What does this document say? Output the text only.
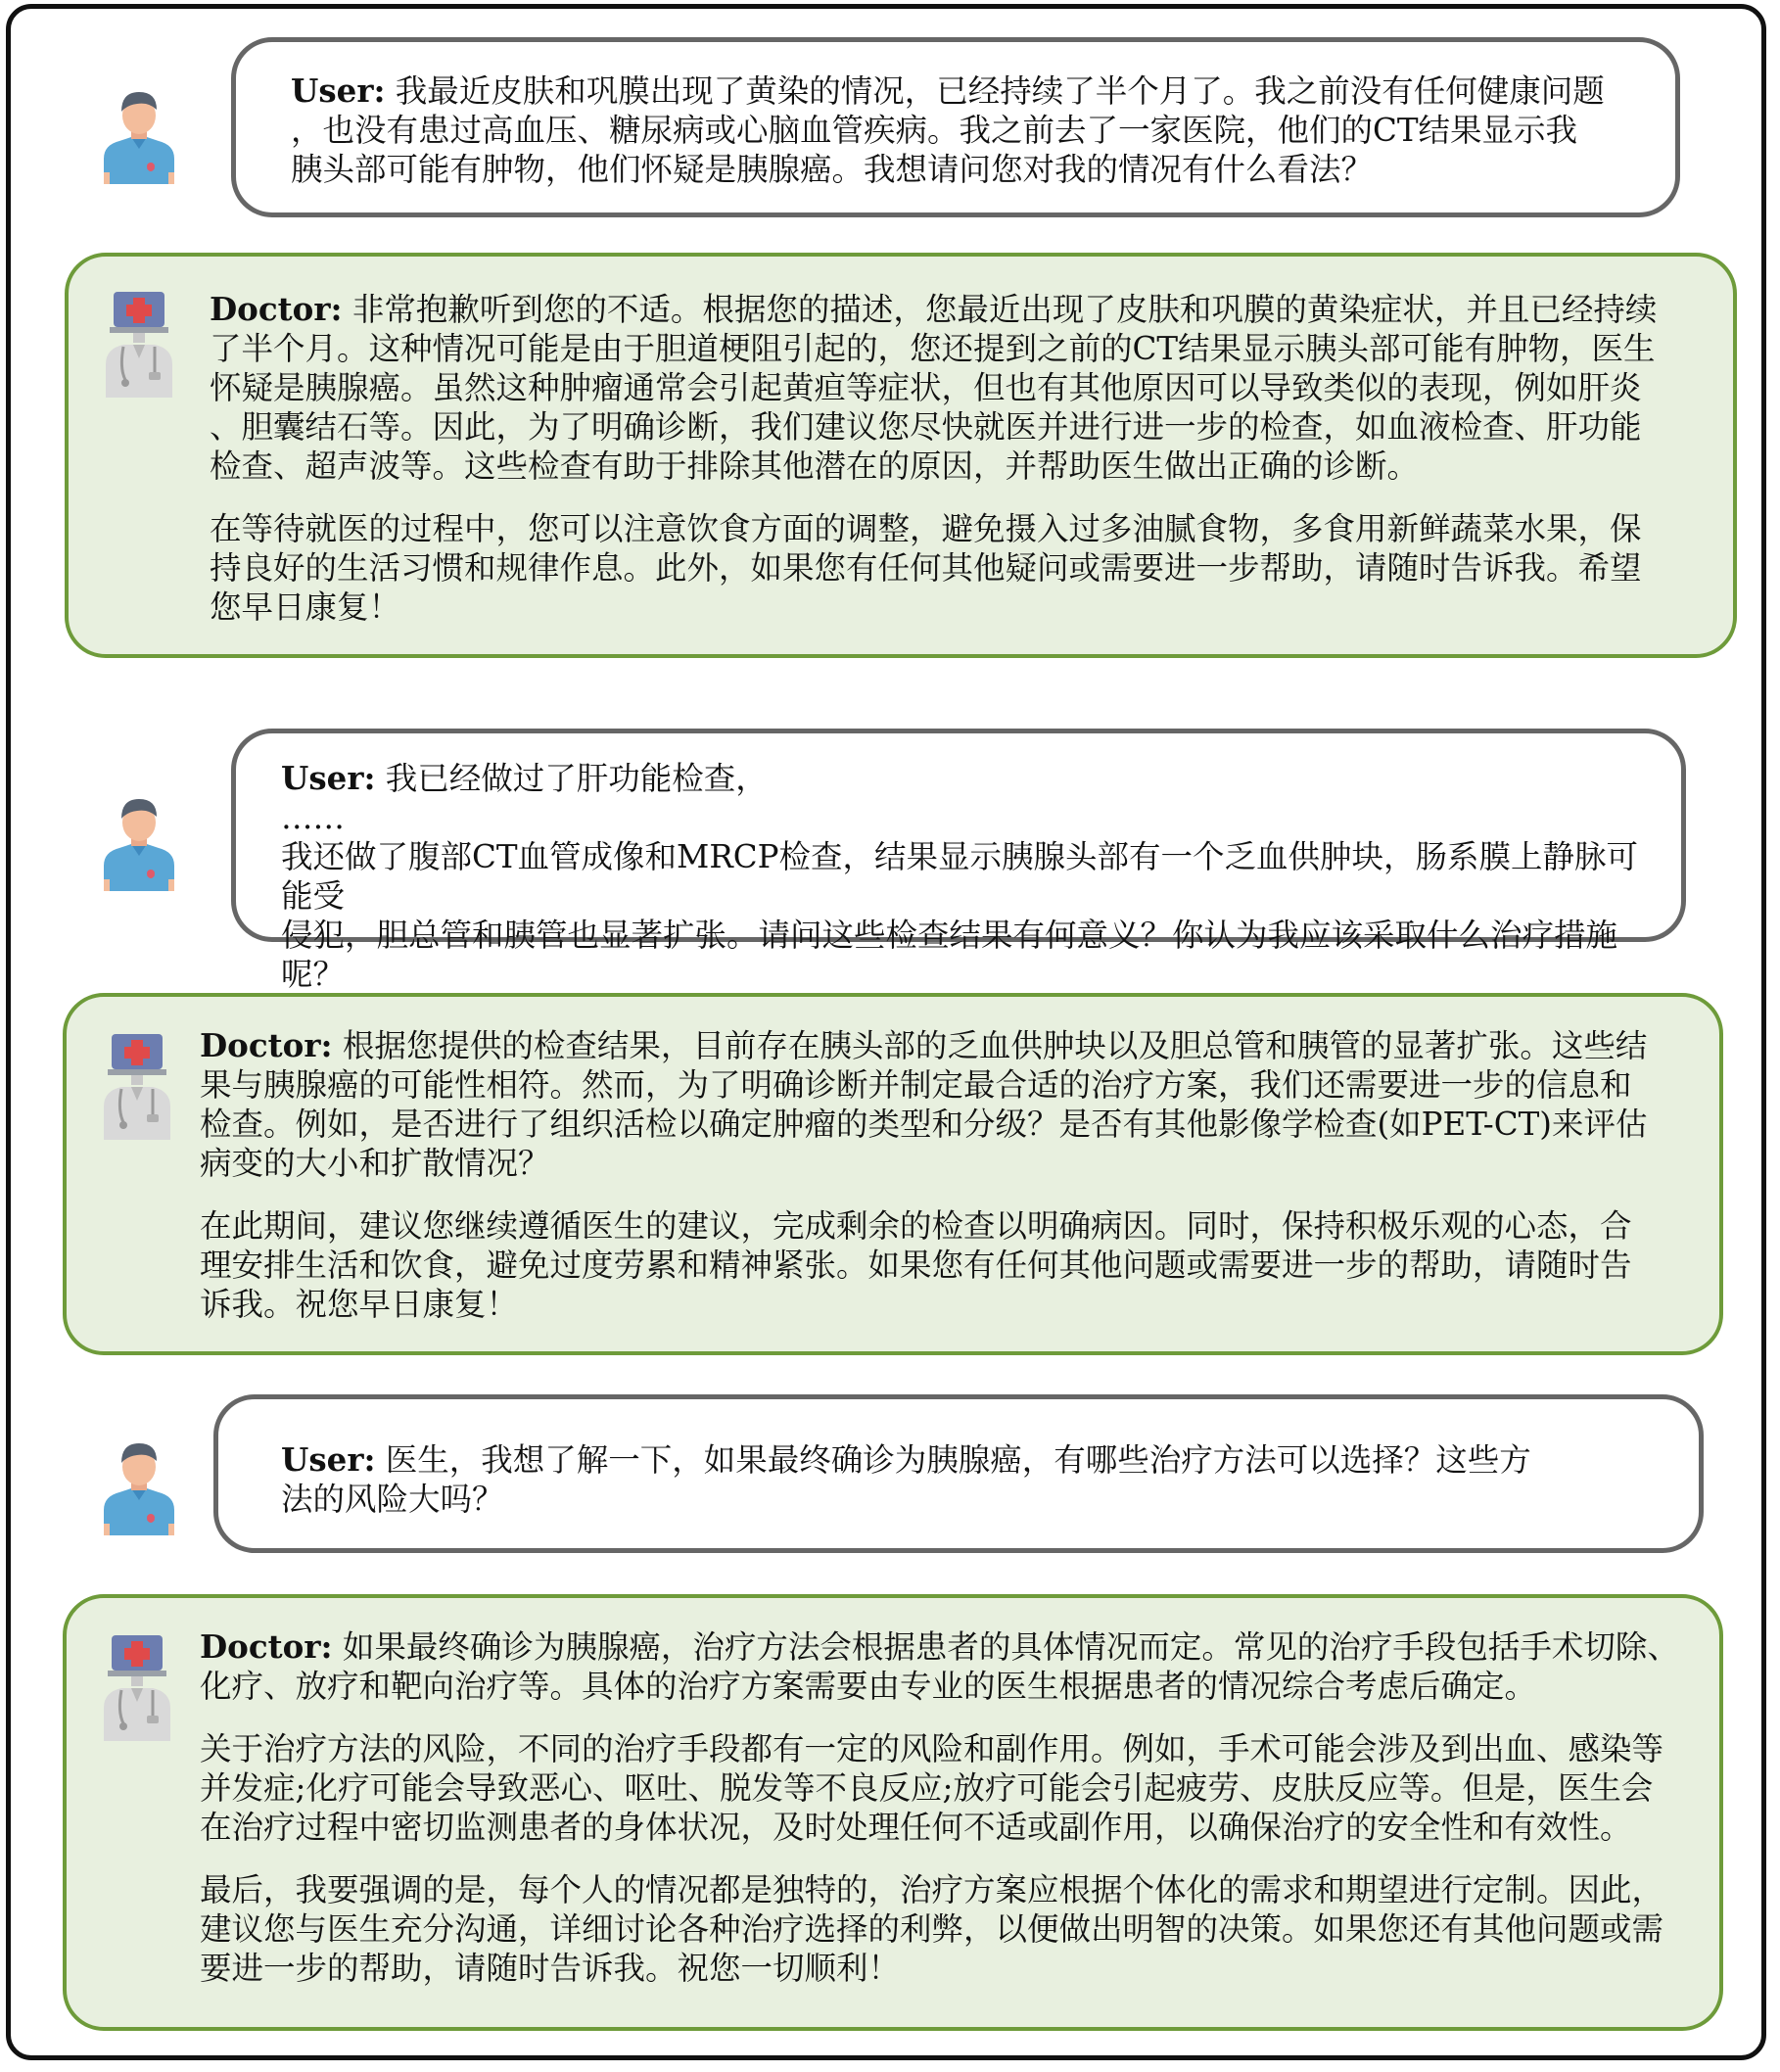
User: 我最近皮肤和巩膜出现了黄染的情况，已经持续了半个月了。我之前没有任何健康问题
，也没有患过高血压、糖尿病或心脑血管疾病。我之前去了一家医院，他们的CT结果显示我
胰头部可能有肿物，他们怀疑是胰腺癌。我想请问您对我的情况有什么看法？
Doctor: 非常抱歉听到您的不适。根据您的描述，您最近出现了皮肤和巩膜的黄染症状，并且已经持续
了半个月。这种情况可能是由于胆道梗阻引起的，您还提到之前的CT结果显示胰头部可能有肿物，医生
怀疑是胰腺癌。虽然这种肿瘤通常会引起黄疸等症状，但也有其他原因可以导致类似的表现，例如肝炎
、胆囊结石等。因此，为了明确诊断，我们建议您尽快就医并进行进一步的检查，如血液检查、肝功能
检查、超声波等。这些检查有助于排除其他潜在的原因，并帮助医生做出正确的诊断。
在等待就医的过程中，您可以注意饮食方面的调整，避免摄入过多油腻食物，多食用新鲜蔬菜水果，保
持良好的生活习惯和规律作息。此外，如果您有任何其他疑问或需要进一步帮助，请随时告诉我。希望
您早日康复！
User: 我已经做过了肝功能检查，
……
我还做了腹部CT血管成像和MRCP检查，结果显示胰腺头部有一个乏血供肿块，肠系膜上静脉可能受
侵犯，胆总管和胰管也显著扩张。请问这些检查结果有何意义？你认为我应该采取什么治疗措施呢？
Doctor: 根据您提供的检查结果，目前存在胰头部的乏血供肿块以及胆总管和胰管的显著扩张。这些结
果与胰腺癌的可能性相符。然而，为了明确诊断并制定最合适的治疗方案，我们还需要进一步的信息和
检查。例如，是否进行了组织活检以确定肿瘤的类型和分级？是否有其他影像学检查(如PET-CT)来评估
病变的大小和扩散情况？
在此期间，建议您继续遵循医生的建议，完成剩余的检查以明确病因。同时，保持积极乐观的心态，合
理安排生活和饮食，避免过度劳累和精神紧张。如果您有任何其他问题或需要进一步的帮助，请随时告
诉我。祝您早日康复！
User: 医生，我想了解一下，如果最终确诊为胰腺癌，有哪些治疗方法可以选择？这些方
法的风险大吗？
Doctor: 如果最终确诊为胰腺癌，治疗方法会根据患者的具体情况而定。常见的治疗手段包括手术切除、
化疗、放疗和靶向治疗等。具体的治疗方案需要由专业的医生根据患者的情况综合考虑后确定。
关于治疗方法的风险，不同的治疗手段都有一定的风险和副作用。例如，手术可能会涉及到出血、感染等
并发症;化疗可能会导致恶心、呕吐、脱发等不良反应;放疗可能会引起疲劳、皮肤反应等。但是，医生会
在治疗过程中密切监测患者的身体状况，及时处理任何不适或副作用，以确保治疗的安全性和有效性。
最后，我要强调的是，每个人的情况都是独特的，治疗方案应根据个体化的需求和期望进行定制。因此，
建议您与医生充分沟通，详细讨论各种治疗选择的利弊，以便做出明智的决策。如果您还有其他问题或需
要进一步的帮助，请随时告诉我。祝您一切顺利！
